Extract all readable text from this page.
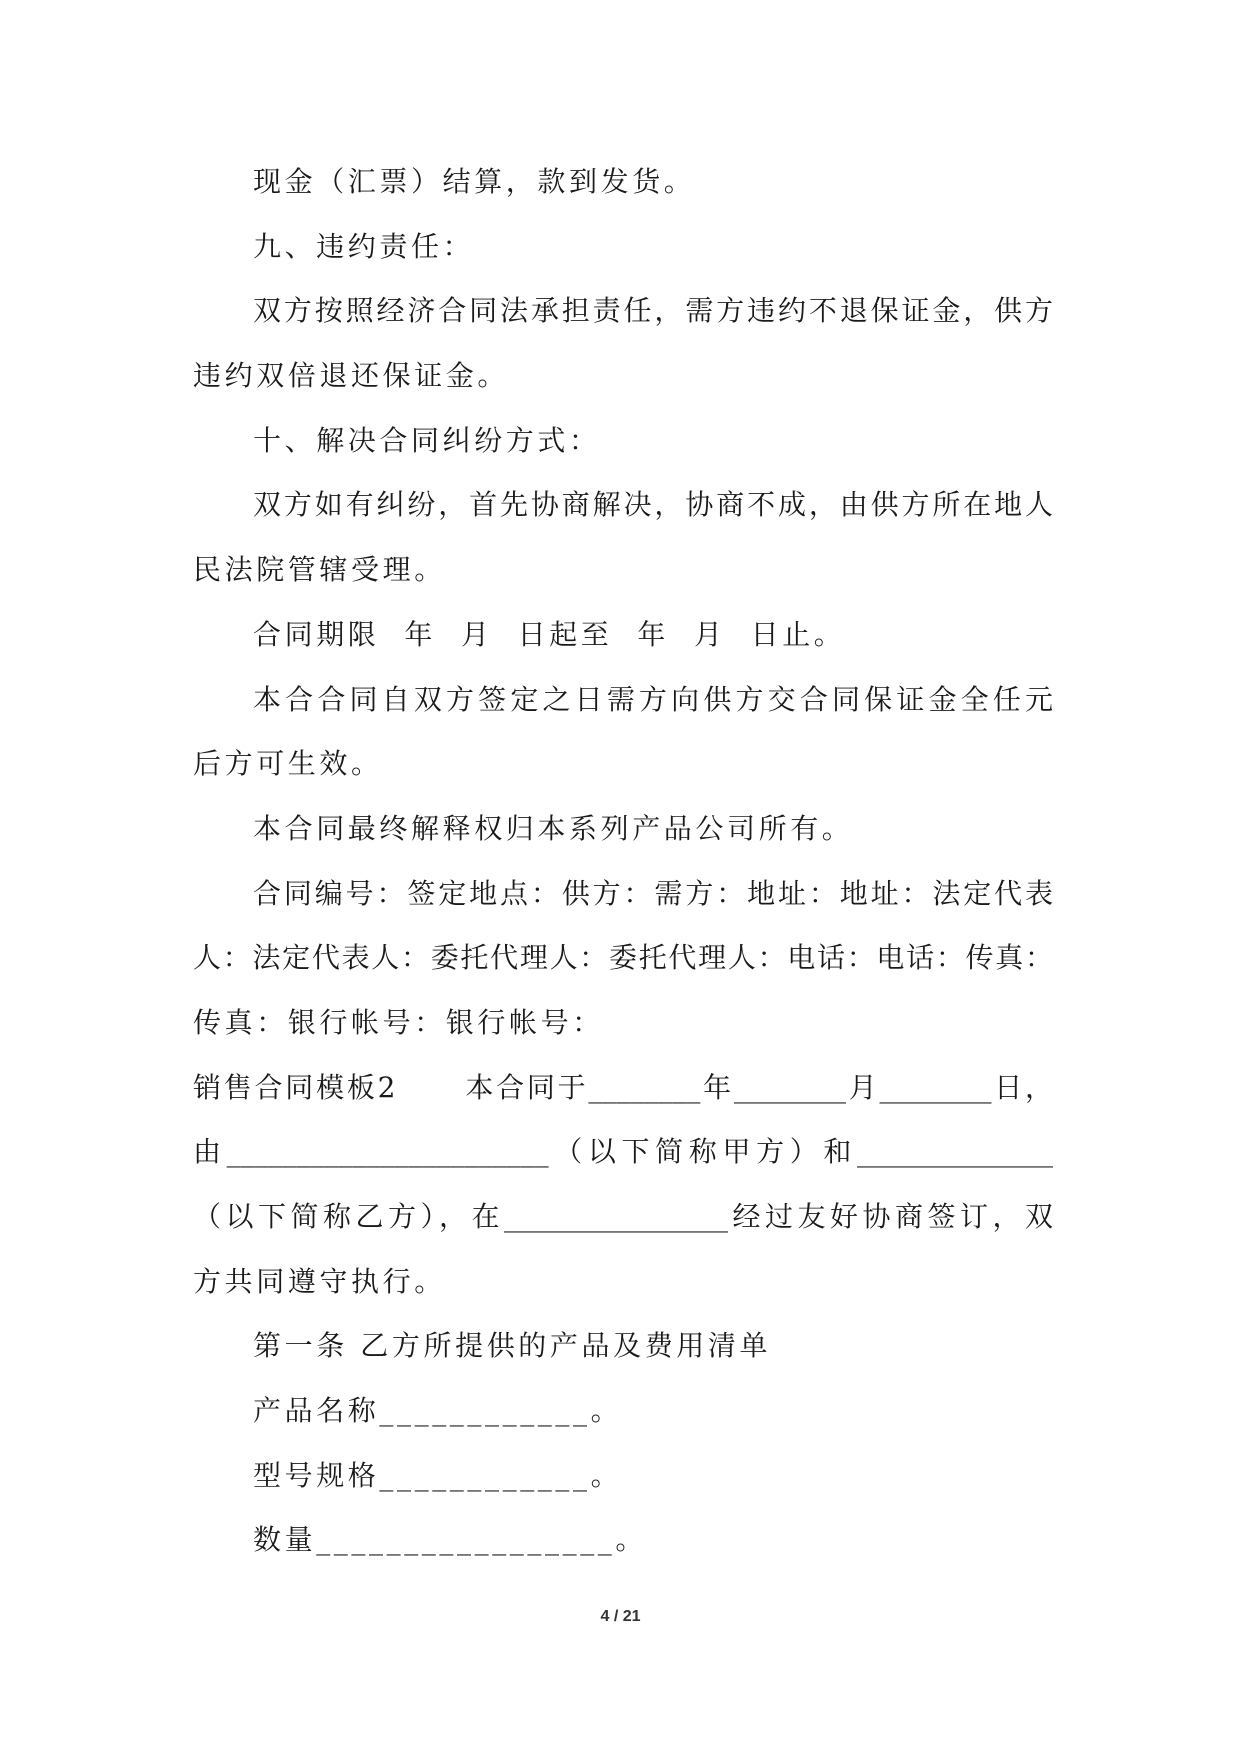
现金（汇票）结算，款到发货。
九、违约责任：
双方按照经济合同法承担责任，需方违约不退保证金，供方
违约双倍退还保证金。
十、解决合同纠纷方式：
双方如有纠纷，首先协商解决，协商不成，由供方所在地人
民法院管辖受理。
合同期限  年  月  日起至  年  月  日止。
本合合同自双方签定之日需方向供方交合同保证金全任元
后方可生效。
本合同最终解释权归本系列产品公司所有。
合同编号：签定地点：供方：需方：地址：地址：法定代表
人：法定代表人：委托代理人：委托代理人：电话：电话：传真：
传真：银行帐号：银行帐号：
销售合同模板2      本合同于________年________月________日，
由_______________________（以下简称甲方）和______________
（以下简称乙方），在________________经过友好协商签订，双
方共同遵守执行。
第一条 乙方所提供的产品及费用清单
产品名称____________。
型号规格____________。
数量_________________。
4 / 21
